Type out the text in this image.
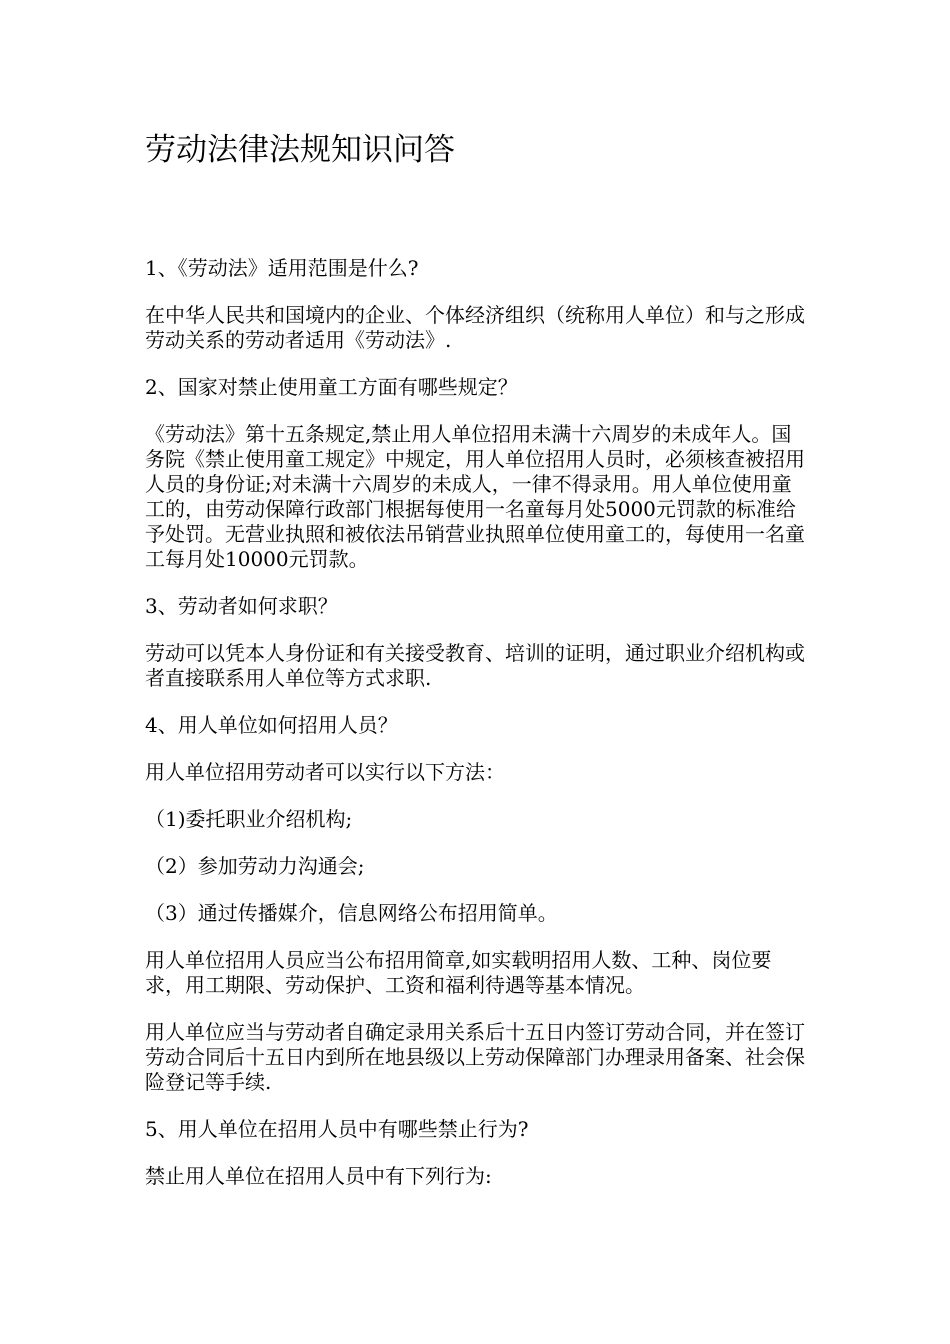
劳动法律法规知识问答

1、《劳动法》适用范围是什么?

在中华人民共和国境内的企业、个体经济组织（统称用人单位）和与之形成劳动关系的劳动者适用《劳动法》.

2、国家对禁止使用童工方面有哪些规定？

《劳动法》第十五条规定,禁止用人单位招用未满十六周岁的未成年人。国务院《禁止使用童工规定》中规定，用人单位招用人员时，必须核查被招用人员的身份证;对未满十六周岁的未成人，一律不得录用。用人单位使用童工的，由劳动保障行政部门根据每使用一名童每月处5000元罚款的标准给予处罚。无营业执照和被依法吊销营业执照单位使用童工的，每使用一名童工每月处10000元罚款。

3、劳动者如何求职？

劳动可以凭本人身份证和有关接受教育、培训的证明，通过职业介绍机构或者直接联系用人单位等方式求职.

4、用人单位如何招用人员？

用人单位招用劳动者可以实行以下方法：

（1)委托职业介绍机构;

（2）参加劳动力沟通会;

（3）通过传播媒介，信息网络公布招用简单。

用人单位招用人员应当公布招用简章,如实载明招用人数、工种、岗位要求，用工期限、劳动保护、工资和福利待遇等基本情况。

用人单位应当与劳动者自确定录用关系后十五日内签订劳动合同，并在签订劳动合同后十五日内到所在地县级以上劳动保障部门办理录用备案、社会保险登记等手续.

5、用人单位在招用人员中有哪些禁止行为?

禁止用人单位在招用人员中有下列行为:
